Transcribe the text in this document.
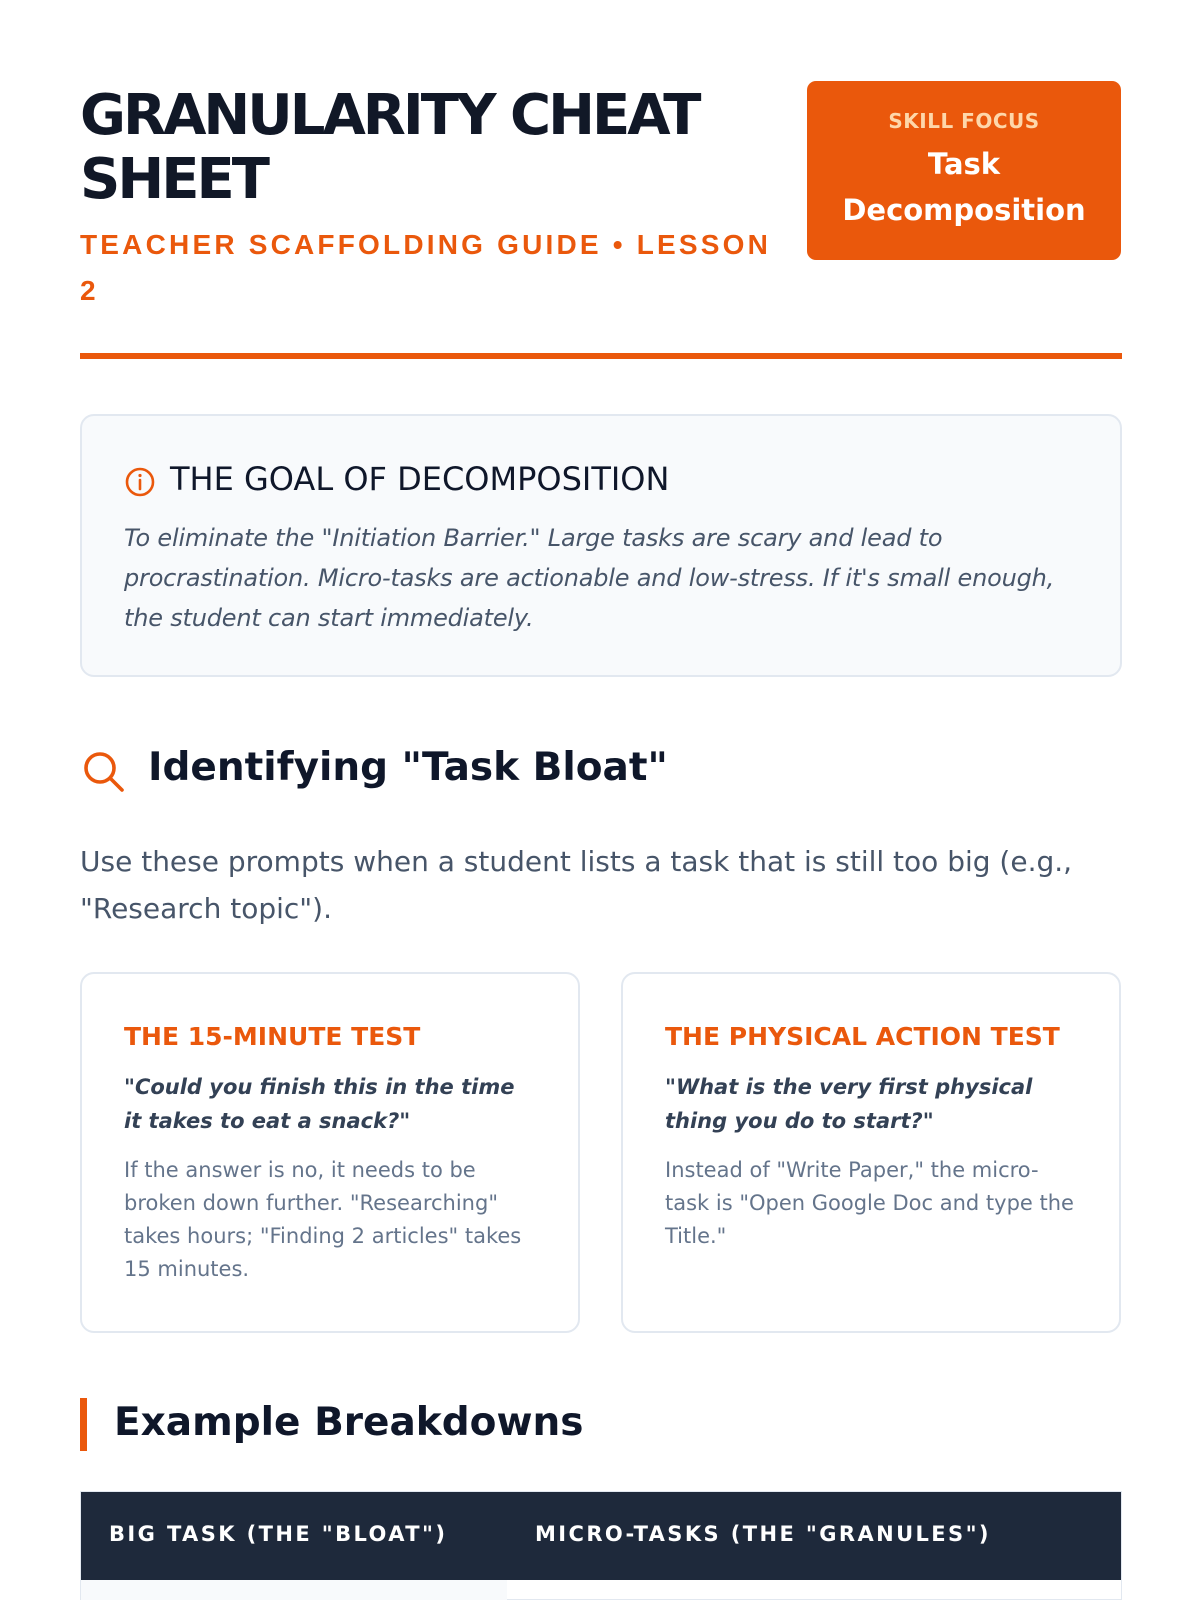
GRANULARITY CHEAT SHEET
TEACHER SCAFFOLDING GUIDE • LESSON 2
SKILL FOCUS
Task Decomposition
THE GOAL OF DECOMPOSITION

To eliminate the "Initiation Barrier." Large tasks are scary and lead to procrastination. Micro-tasks are actionable and low-stress. If it's small enough, the student can start immediately.

Identifying "Task Bloat"

Use these prompts when a student lists a task that is still too big (e.g., "Research topic").

THE 15-MINUTE TEST

"Could you finish this in the time it takes to eat a snack?"

If the answer is no, it needs to be broken down further. "Researching" takes hours; "Finding 2 articles" takes 15 minutes.

THE PHYSICAL ACTION TEST

"What is the very first physical thing you do to start?"

Instead of "Write Paper," the micro-task is "Open Google Doc and type the Title."

Example Breakdowns
BIG TASK (THE "BLOAT")	MICRO-TASKS (THE "GRANULES")
